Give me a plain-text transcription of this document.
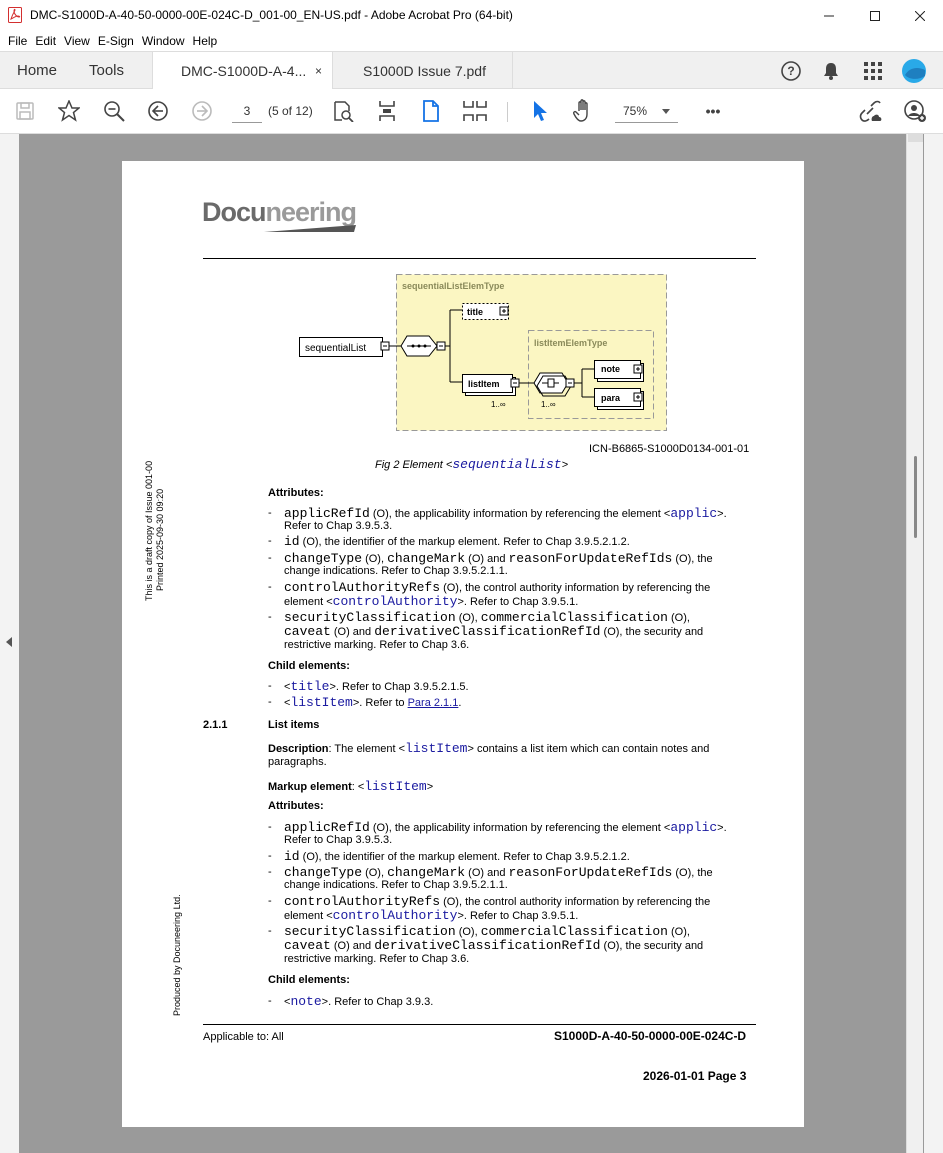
DMC-S1000D-A-40-50-0000-00E-024C-D_001-00_EN-US.pdf - Adobe Acrobat Pro (64-bit)
File Edit View E-Sign Window Help
Home Tools	DMC-S1000D-A-4... ×	S1000D Issue 7.pdf	?
3	(5 of 12)	75%	•••
Docuneering
sequentialListElemType
listItemElemType
sequentialList
title
listItem
1..∞	1..∞
note
para
ICN-B6865-S1000D0134-001-01
Fig 2 Element <sequentialList>
Attributes:
- applicRefId (O), the applicability information by referencing the element <applic>.
Refer to Chap 3.9.5.3.
- id (O), the identifier of the markup element. Refer to Chap 3.9.5.2.1.2.
- changeType (O), changeMark (O) and reasonForUpdateRefIds (O), the
change indications. Refer to Chap 3.9.5.2.1.1.
- controlAuthorityRefs (O), the control authority information by referencing the
element <controlAuthority>. Refer to Chap 3.9.5.1.
- securityClassification (O), commercialClassification (O),
caveat (O) and derivativeClassificationRefId (O), the security and
restrictive marking. Refer to Chap 3.6.
Child elements:
- <title>. Refer to Chap 3.9.5.2.1.5.
- <listItem>. Refer to Para 2.1.1.
2.1.1	List items
Description: The element <listItem> contains a list item which can contain notes and
paragraphs.
Markup element: <listItem>
Attributes:
- applicRefId (O), the applicability information by referencing the element <applic>.
Refer to Chap 3.9.5.3.
- id (O), the identifier of the markup element. Refer to Chap 3.9.5.2.1.2.
- changeType (O), changeMark (O) and reasonForUpdateRefIds (O), the
change indications. Refer to Chap 3.9.5.2.1.1.
- controlAuthorityRefs (O), the control authority information by referencing the
element <controlAuthority>. Refer to Chap 3.9.5.1.
- securityClassification (O), commercialClassification (O),
caveat (O) and derivativeClassificationRefId (O), the security and
restrictive marking. Refer to Chap 3.6.
Child elements:
- <note>. Refer to Chap 3.9.3.
This is a draft copy of Issue 001-00 Printed 2025-09-30 09:20
Produced by Docuneering Ltd.
Applicable to: All	S1000D-A-40-50-0000-00E-024C-D
2026-01-01 Page 3
